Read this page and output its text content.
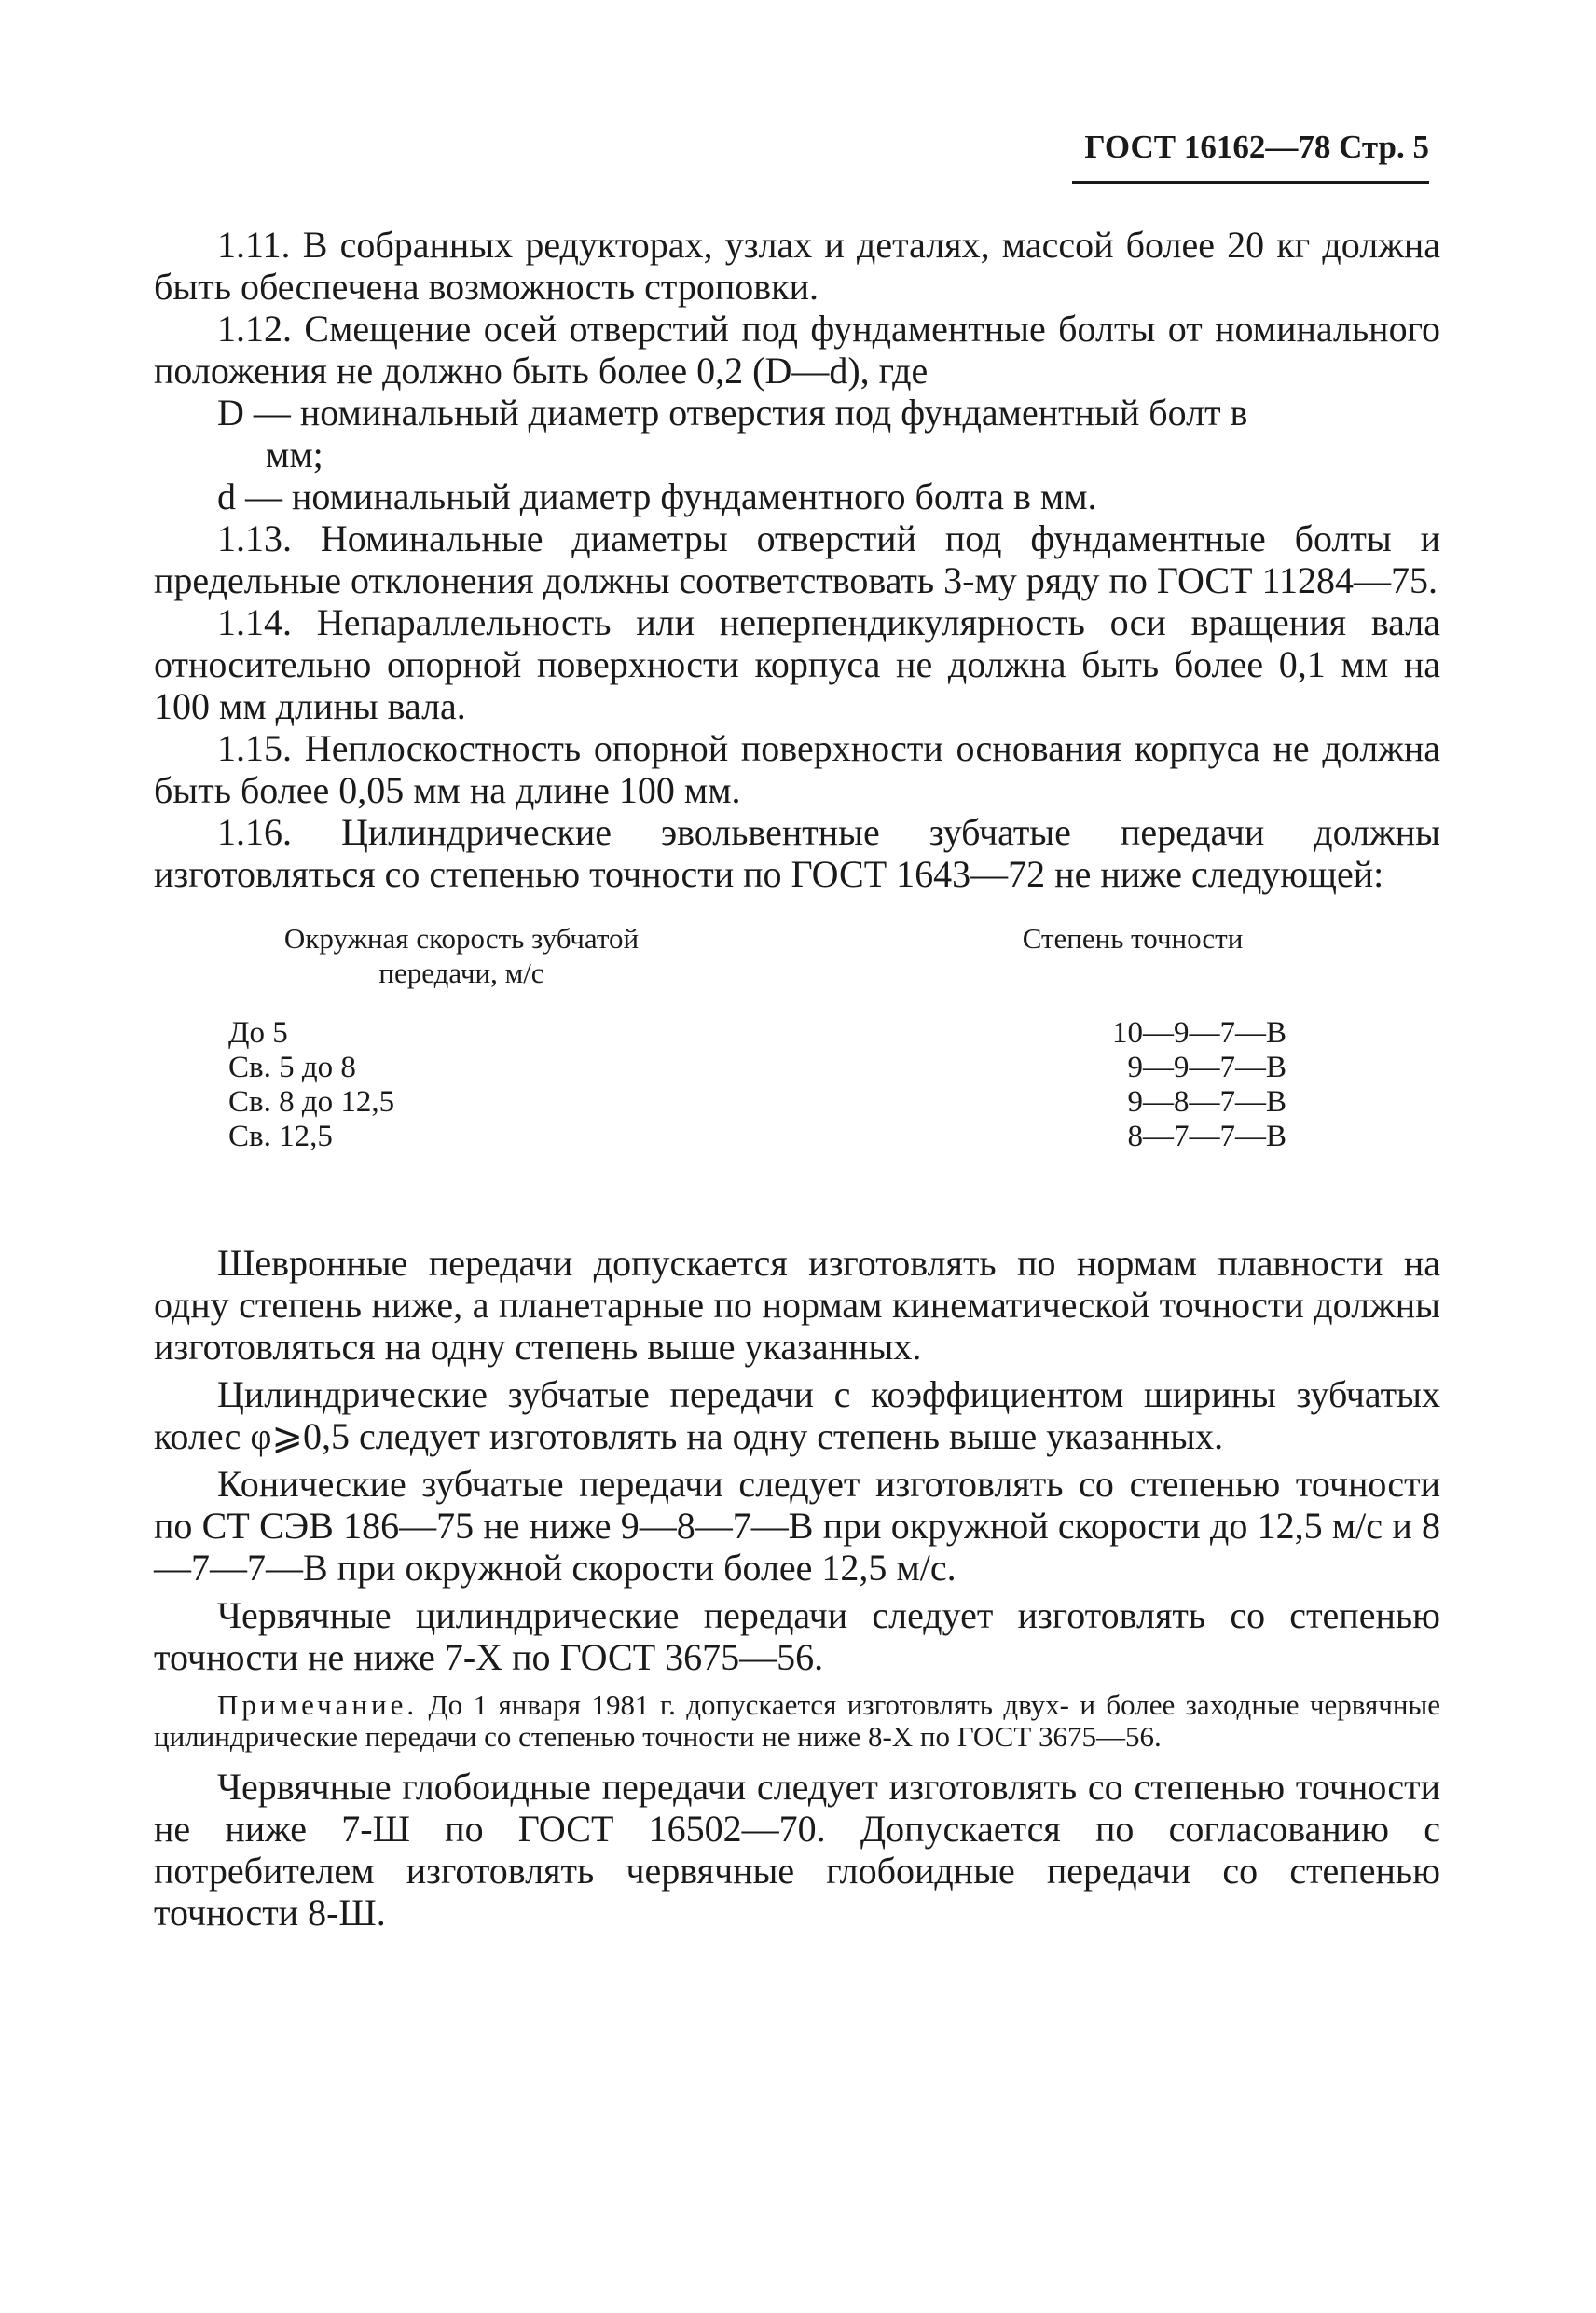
ГОСТ 16162—78 Стр. 5

1.11. В собранных редукторах, узлах и деталях, массой более 20 кг должна быть обеспечена возможность строповки.

1.12. Смещение осей отверстий под фундаментные болты от номинального положения не должно быть более 0,2 (D—d), где

D — номинальный диаметр отверстия под фундаментный болт в

мм;

d — номинальный диаметр фундаментного болта в мм.

1.13. Номинальные диаметры отверстий под фундаментные болты и предельные отклонения должны соответствовать 3-му ряду по ГОСТ 11284—75.

1.14. Непараллельность или неперпендикулярность оси вращения вала относительно опорной поверхности корпуса не должна быть более 0,1 мм на 100 мм длины вала.

1.15. Неплоскостность опорной поверхности основания корпуса не должна быть более 0,05 мм на длине 100 мм.

1.16. Цилиндрические эвольвентные зубчатые передачи должны изготовляться со степенью точности по ГОСТ 1643—72 не ниже следующей:

Окружная скорость зубчатой
передачи, м/с
Степень точности
До 5
Св. 5 до 8
Св. 8 до 12,5
Св. 12,5
10—9—7—В
9—9—7—В
9—8—7—В
8—7—7—В

Шевронные передачи допускается изготовлять по нормам плавности на одну степень ниже, а планетарные по нормам кинематической точности должны изготовляться на одну степень выше указанных.

Цилиндрические зубчатые передачи с коэффициентом ширины зубчатых колес φ⩾0,5 следует изготовлять на одну степень выше указанных.

Конические зубчатые передачи следует изготовлять со степенью точности по СТ СЭВ 186—75 не ниже 9—8—7—В при окружной скорости до 12,5 м/с и 8—7—7—В при окружной скорости более 12,5 м/с.

Червячные цилиндрические передачи следует изготовлять со степенью точности не ниже 7-Х по ГОСТ 3675—56.

Примечание. До 1 января 1981 г. допускается изготовлять двух- и более заходные червячные цилиндрические передачи со степенью точности не ниже 8-Х по ГОСТ 3675—56.

Червячные глобоидные передачи следует изготовлять со степенью точности не ниже 7-Ш по ГОСТ 16502—70. Допускается по согласованию с потребителем изготовлять червячные глобоидные передачи со степенью точности 8-Ш.
